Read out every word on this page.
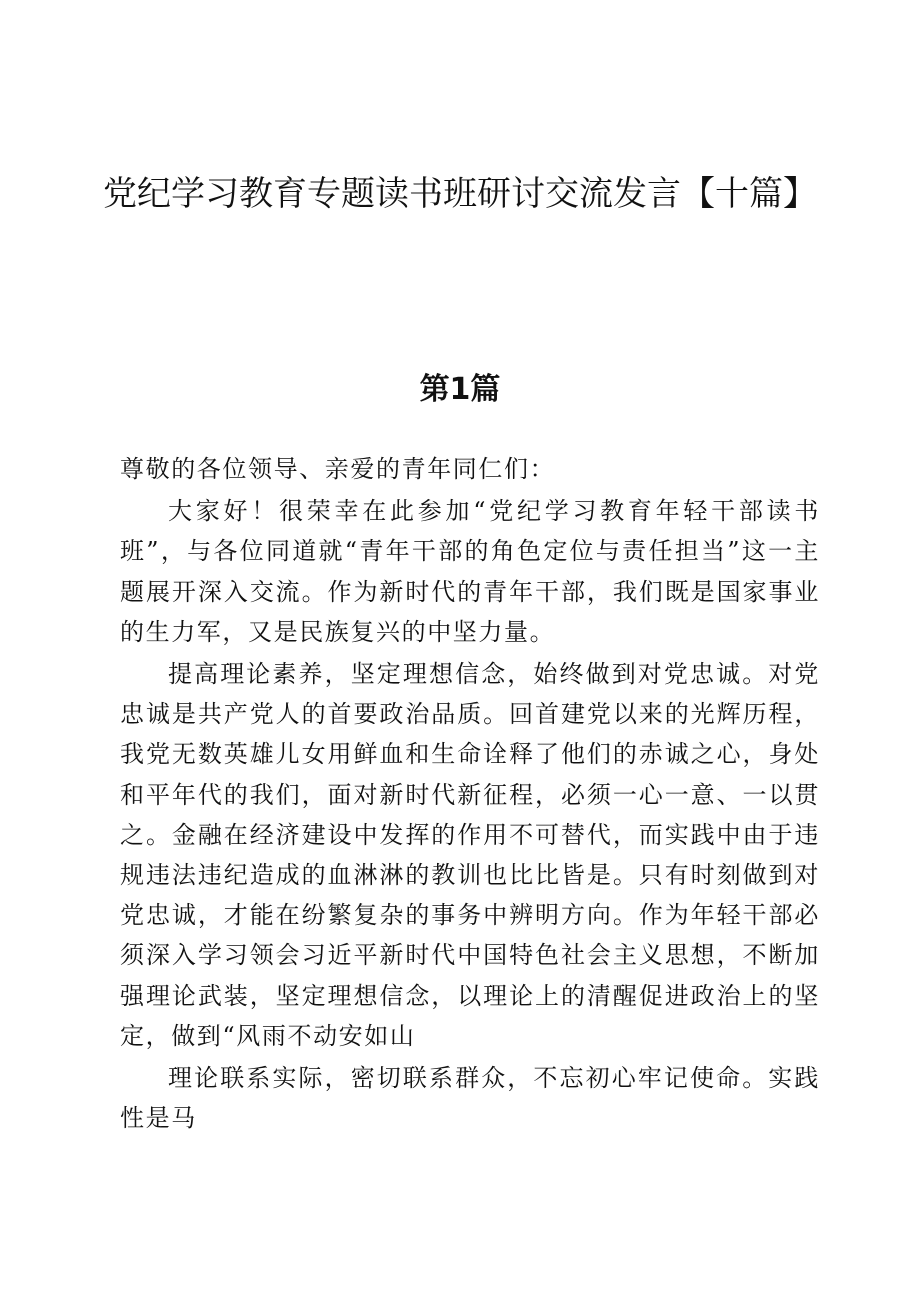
党纪学习教育专题读书班研讨交流发言【十篇】
第1篇

尊敬的各位领导、亲爱的青年同仁们：

大家好！很荣幸在此参加“党纪学习教育年轻干部读书班”，与各位同道就“青年干部的角色定位与责任担当”这一主题展开深入交流。作为新时代的青年干部，我们既是国家事业的生力军，又是民族复兴的中坚力量。

提高理论素养，坚定理想信念，始终做到对党忠诚。对党忠诚是共产党人的首要政治品质。回首建党以来的光辉历程，我党无数英雄儿女用鲜血和生命诠释了他们的赤诚之心，身处和平年代的我们，面对新时代新征程，必须一心一意、一以贯之。金融在经济建设中发挥的作用不可替代，而实践中由于违规违法违纪造成的血淋淋的教训也比比皆是。只有时刻做到对党忠诚，才能在纷繁复杂的事务中辨明方向。作为年轻干部必须深入学习领会习近平新时代中国特色社会主义思想，不断加强理论武装，坚定理想信念，以理论上的清醒促进政治上的坚定，做到“风雨不动安如山

理论联系实际，密切联系群众，不忘初心牢记使命。实践性是马
